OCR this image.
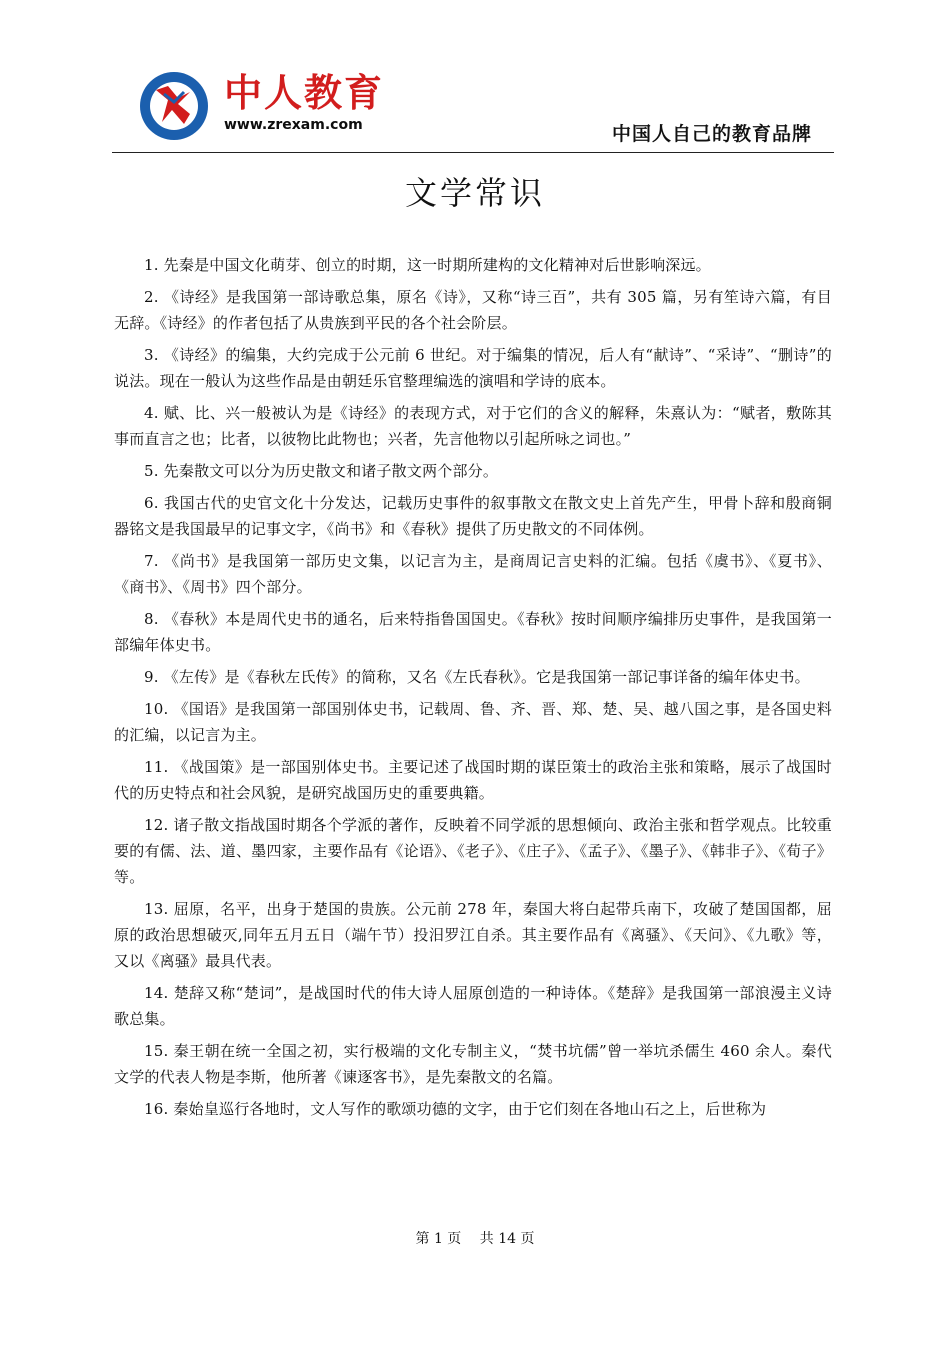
中人教育
www.zrexam.com	中国人自己的教育品牌
文学常识

1. 先秦是中国文化萌芽、创立的时期，这一时期所建构的文化精神对后世影响深远。

2. 《诗经》是我国第一部诗歌总集，原名《诗》，又称“诗三百”，共有 305 篇，另有笙诗六篇，有目无辞。《诗经》的作者包括了从贵族到平民的各个社会阶层。

3. 《诗经》的编集，大约完成于公元前 6 世纪。对于编集的情况，后人有“献诗”、“采诗”、“删诗”的说法。现在一般认为这些作品是由朝廷乐官整理编选的演唱和学诗的底本。

4. 赋、比、兴一般被认为是《诗经》的表现方式，对于它们的含义的解释，朱熹认为：“赋者，敷陈其事而直言之也；比者，以彼物比此物也；兴者，先言他物以引起所咏之词也。”

5. 先秦散文可以分为历史散文和诸子散文两个部分。

6. 我国古代的史官文化十分发达，记载历史事件的叙事散文在散文史上首先产生，甲骨卜辞和殷商铜器铭文是我国最早的记事文字，《尚书》和《春秋》提供了历史散文的不同体例。

7. 《尚书》是我国第一部历史文集，以记言为主，是商周记言史料的汇编。包括《虞书》、《夏书》、《商书》、《周书》四个部分。

8. 《春秋》本是周代史书的通名，后来特指鲁国国史。《春秋》按时间顺序编排历史事件，是我国第一部编年体史书。

9. 《左传》是《春秋左氏传》的简称，又名《左氏春秋》。它是我国第一部记事详备的编年体史书。

10. 《国语》是我国第一部国别体史书，记载周、鲁、齐、晋、郑、楚、吴、越八国之事，是各国史料的汇编，以记言为主。

11. 《战国策》是一部国别体史书。主要记述了战国时期的谋臣策士的政治主张和策略，展示了战国时代的历史特点和社会风貌，是研究战国历史的重要典籍。

12. 诸子散文指战国时期各个学派的著作，反映着不同学派的思想倾向、政治主张和哲学观点。比较重要的有儒、法、道、墨四家，主要作品有《论语》、《老子》、《庄子》、《孟子》、《墨子》、《韩非子》、《荀子》等。

13. 屈原，名平，出身于楚国的贵族。公元前 278 年，秦国大将白起带兵南下，攻破了楚国国都，屈原的政治思想破灭,同年五月五日（端午节）投汨罗江自杀。其主要作品有《离骚》、《天问》、《九歌》等，又以《离骚》最具代表。

14. 楚辞又称“楚词”，是战国时代的伟大诗人屈原创造的一种诗体。《楚辞》是我国第一部浪漫主义诗歌总集。

15. 秦王朝在统一全国之初，实行极端的文化专制主义，“焚书坑儒”曾一举坑杀儒生 460 余人。秦代文学的代表人物是李斯，他所著《谏逐客书》，是先秦散文的名篇。

16. 秦始皇巡行各地时，文人写作的歌颂功德的文字，由于它们刻在各地山石之上，后世称为

第 1 页 共 14 页
